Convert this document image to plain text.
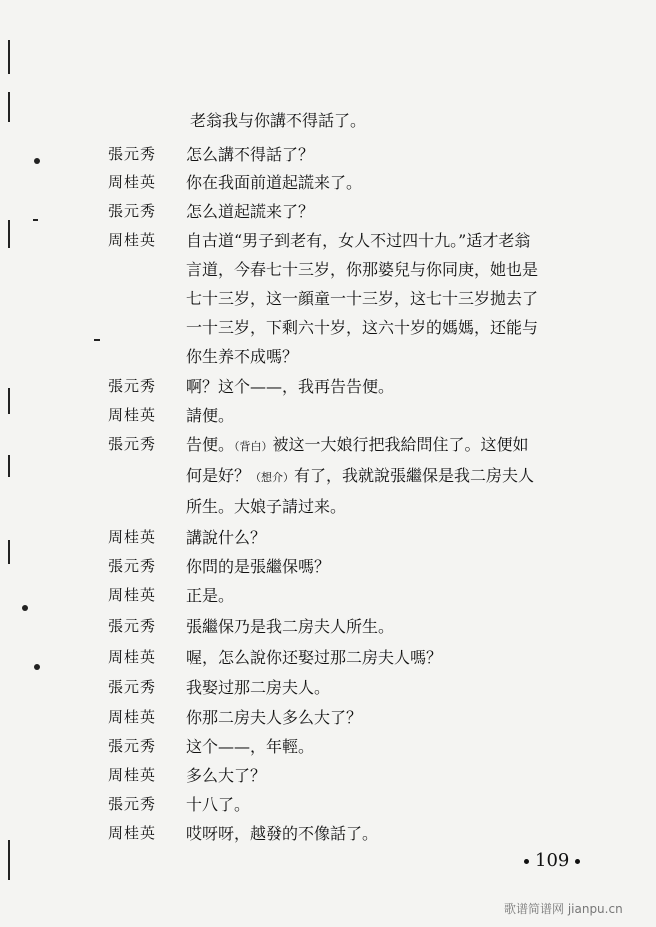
老翁我与你講不得話了。
張元秀	怎么講不得話了？
周桂英	你在我面前道起謊来了。
張元秀	怎么道起謊来了？
周桂英	自古道“男子到老有，女人不过四十九。”适才老翁
言道，今春七十三岁，你那婆兒与你同庚，她也是
七十三岁，这一顔童一十三岁，这七十三岁拋去了
一十三岁，下剩六十岁，这六十岁的媽媽，还能与
你生养不成嗎？
張元秀	啊？这个——，我再告告便。
周桂英	請便。
張元秀	告便。（背白）被这一大娘行把我給問住了。这便如
何是好？（想介）有了，我就說張繼保是我二房夫人
所生。大娘子請过来。
周桂英	講說什么？
張元秀	你問的是張繼保嗎？
周桂英	正是。
張元秀	張繼保乃是我二房夫人所生。
周桂英	喔，怎么說你还娶过那二房夫人嗎？
張元秀	我娶过那二房夫人。
周桂英	你那二房夫人多么大了？
張元秀	这个——，年輕。
周桂英	多么大了？
張元秀	十八了。
周桂英	哎呀呀，越發的不像話了。
109
歌谱简谱网 jianpu.cn
